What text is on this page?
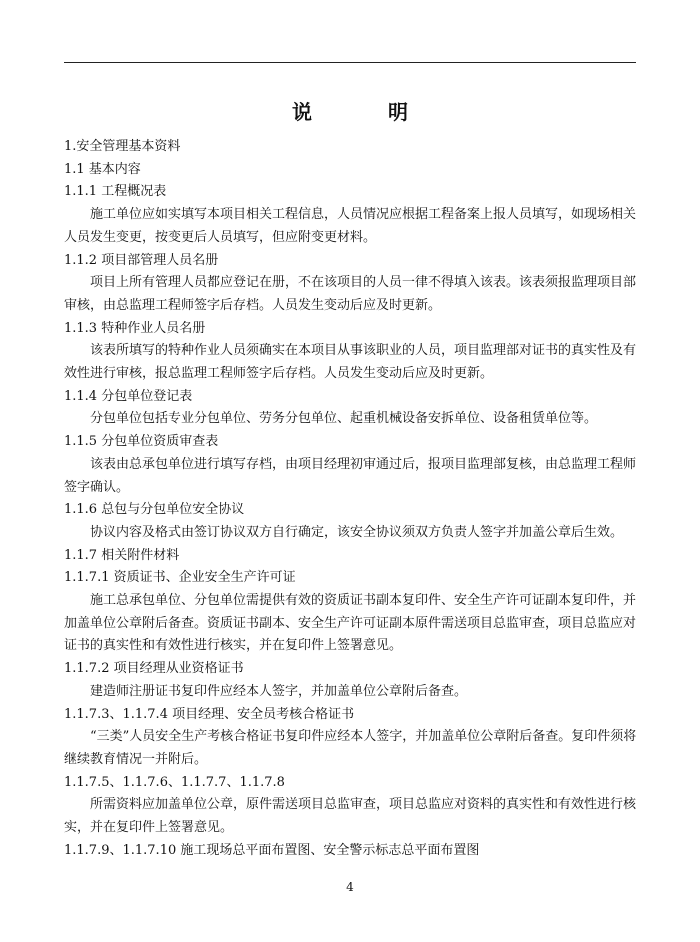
说　明
1.安全管理基本资料
1.1 基本内容
1.1.1 工程概况表
施工单位应如实填写本项目相关工程信息，人员情况应根据工程备案上报人员填写，如现场相关人员发生变更，按变更后人员填写，但应附变更材料。
1.1.2 项目部管理人员名册
项目上所有管理人员都应登记在册，不在该项目的人员一律不得填入该表。该表须报监理项目部审核，由总监理工程师签字后存档。人员发生变动后应及时更新。
1.1.3 特种作业人员名册
该表所填写的特种作业人员须确实在本项目从事该职业的人员，项目监理部对证书的真实性及有效性进行审核，报总监理工程师签字后存档。人员发生变动后应及时更新。
1.1.4 分包单位登记表
分包单位包括专业分包单位、劳务分包单位、起重机械设备安拆单位、设备租赁单位等。
1.1.5 分包单位资质审查表
该表由总承包单位进行填写存档，由项目经理初审通过后，报项目监理部复核，由总监理工程师签字确认。
1.1.6 总包与分包单位安全协议
协议内容及格式由签订协议双方自行确定，该安全协议须双方负责人签字并加盖公章后生效。
1.1.7 相关附件材料
1.1.7.1 资质证书、企业安全生产许可证
施工总承包单位、分包单位需提供有效的资质证书副本复印件、安全生产许可证副本复印件，并加盖单位公章附后备查。资质证书副本、安全生产许可证副本原件需送项目总监审查，项目总监应对证书的真实性和有效性进行核实，并在复印件上签署意见。
1.1.7.2 项目经理从业资格证书
建造师注册证书复印件应经本人签字，并加盖单位公章附后备查。
1.1.7.3、1.1.7.4 项目经理、安全员考核合格证书
“三类”人员安全生产考核合格证书复印件应经本人签字，并加盖单位公章附后备查。复印件须将继续教育情况一并附后。
1.1.7.5、1.1.7.6、1.1.7.7、1.1.7.8
所需资料应加盖单位公章，原件需送项目总监审查，项目总监应对资料的真实性和有效性进行核实，并在复印件上签署意见。
1.1.7.9、1.1.7.10 施工现场总平面布置图、安全警示标志总平面布置图
4
